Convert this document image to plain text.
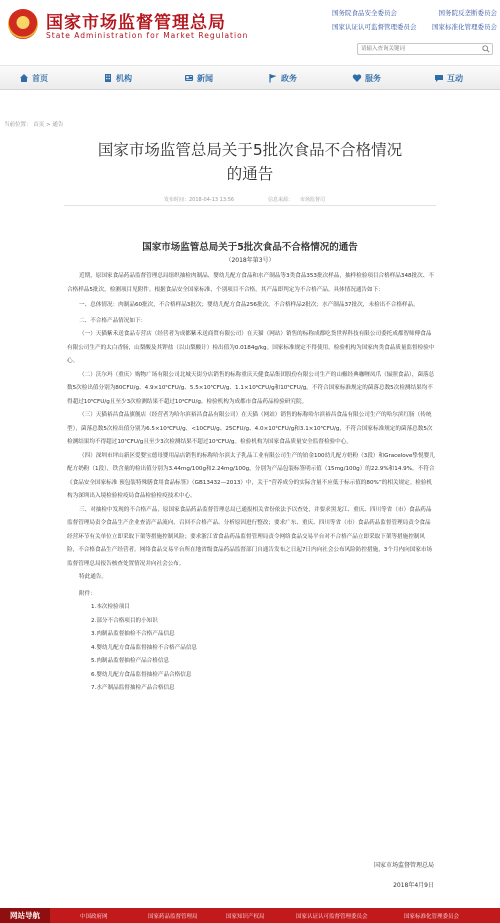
★	国家市场监督管理总局
State Administration for Market Regulation
国务院食品安全委员会	国务院反垄断委员会
国家认证认可监督管理委员会 国家标准化管理委员会
请输入查询关键词
首页	机构	新闻	政务	服务	互动
当前位置： 首页 > 通告
国家市场监管总局关于5批次食品不合格情况
的通告
发布时间：2018-04-13 13:56	信息来源： 市场监督司
国家市场监管总局关于5批次食品不合格情况的通告
（2018年第3号）

近期，原国家食品药品监督管理总局组织抽检肉制品、婴幼儿配方食品和水产制品等3类食品353批次样品，抽样检验项目合格样品348批次、不合格样品5批次，检测项目见附件。根据食品安全国家标准，个别项目不合格，其产品即判定为不合格产品。具体情况通告如下：

一、总体情况：肉制品60批次，不合格样品3批次；婴幼儿配方食品256批次，不合格样品2批次；水产制品37批次，未检出不合格样品。

二、不合格产品情况如下：

（一）天猫紫禾送食品专营店（经营者为成都紫禾送商贸有限公司）在天猫（网站）销售的标称成都吃货世界科技有限公司委托成都智师傅食品有限公司生产的太白香肠，山梨酸及其钾盐（以山梨酸计）检出值为0.0184g/kg。国家标准规定不得使用。检验机构为国家肉类食品质量监督检验中心。

（二）沃尔玛（重庆）购物广场有限公司北城天街分店销售的标称重庆天健食品集团股份有限公司生产的山椒经典咖喱凤爪（辐照食品），菌落总数5次检出值分别为80CFU/g、4.9×10⁵CFU/g、5.5×10⁵CFU/g、1.1×10⁶CFU/g和10⁵CFU/g。不符合国家标准规定的菌落总数5次检测结果均不得超过10⁵CFU/g且至少3次检测结果不超过10⁴CFU/g。检验机构为成都市食品药品检验研究院。

（三）天猫裕昌食品旗舰店（经营者为哈尔滨裕昌食品有限公司）在天猫（网站）销售的标称哈尔滨裕昌食品有限公司生产的哈尔滨红肠（传统型），菌落总数5次检出值分别为6.5×10⁴CFU/g、<10CFU/g、25CFU/g、4.0×10³CFU/g和3.1×10⁵CFU/g，不符合国家标准规定的菌落总数5次检测结果均不得超过10⁵CFU/g且至少3次检测结果不超过10⁴CFU/g。检验机构为国家食品质量安全监督检验中心。

（四）深圳市坪山新区爱婴宝德母婴用品店销售的标称哈尔滨太子乳品工业有限公司生产的铂金100幼儿配方奶粉（3段）和Gracelove挚悦婴儿配方奶粉（1段），铁含量的检出值分别为3.44mg/100g和2.24mg/100g，分别为产品包装标签明示值（15mg/100g）的22.9%和14.9%。不符合《食品安全国家标准 预包装特殊膳食用食品标签》（GB13432—2013）中，关于“营养成分的实际含量不应低于标示值的80%”的相关规定。检验机构为深圳出入境检验检疫局食品检验检疫技术中心。

三、对抽检中发现的不合格产品，原国家食品药品监督管理总局已通报相关省份依法予以查处，并要求黑龙江、重庆、四川等省（市）食品药品监督管理局责令食品生产企业查清产品流向、召回不合格产品、分析原因进行整改；要求广东、重庆、四川等省（市）食品药品监督管理局责令食品经营环节有关单位立即采取下架等措施控制风险；要求浙江省食品药品监督管理局责令网络食品交易平台对不合格产品立即采取下架等措施控制风险，不合格食品生产经营者。网络食品交易平台所在地省级食品药品监督部门自通告发布之日起7日内向社会公布风险防控措施，3个月内向国家市场监督管理总局报告核查处置情况并向社会公布。

特此通告。

附件：

1.本次检验项目

2.部分不合格项目的小知识

3.肉制品监督抽检不合格产品信息

4.婴幼儿配方食品监督抽检不合格产品信息

5.肉制品监督抽检产品合格信息

6.婴幼儿配方食品监督抽检产品合格信息

7.水产制品监督抽检产品合格信息

国家市场监督管理总局
2018年4月9日
网站导航	中国政府网	国家药品监督管理局	国家知识产权局	国家认证认可监督管理委员会	国家标准化管理委员会
